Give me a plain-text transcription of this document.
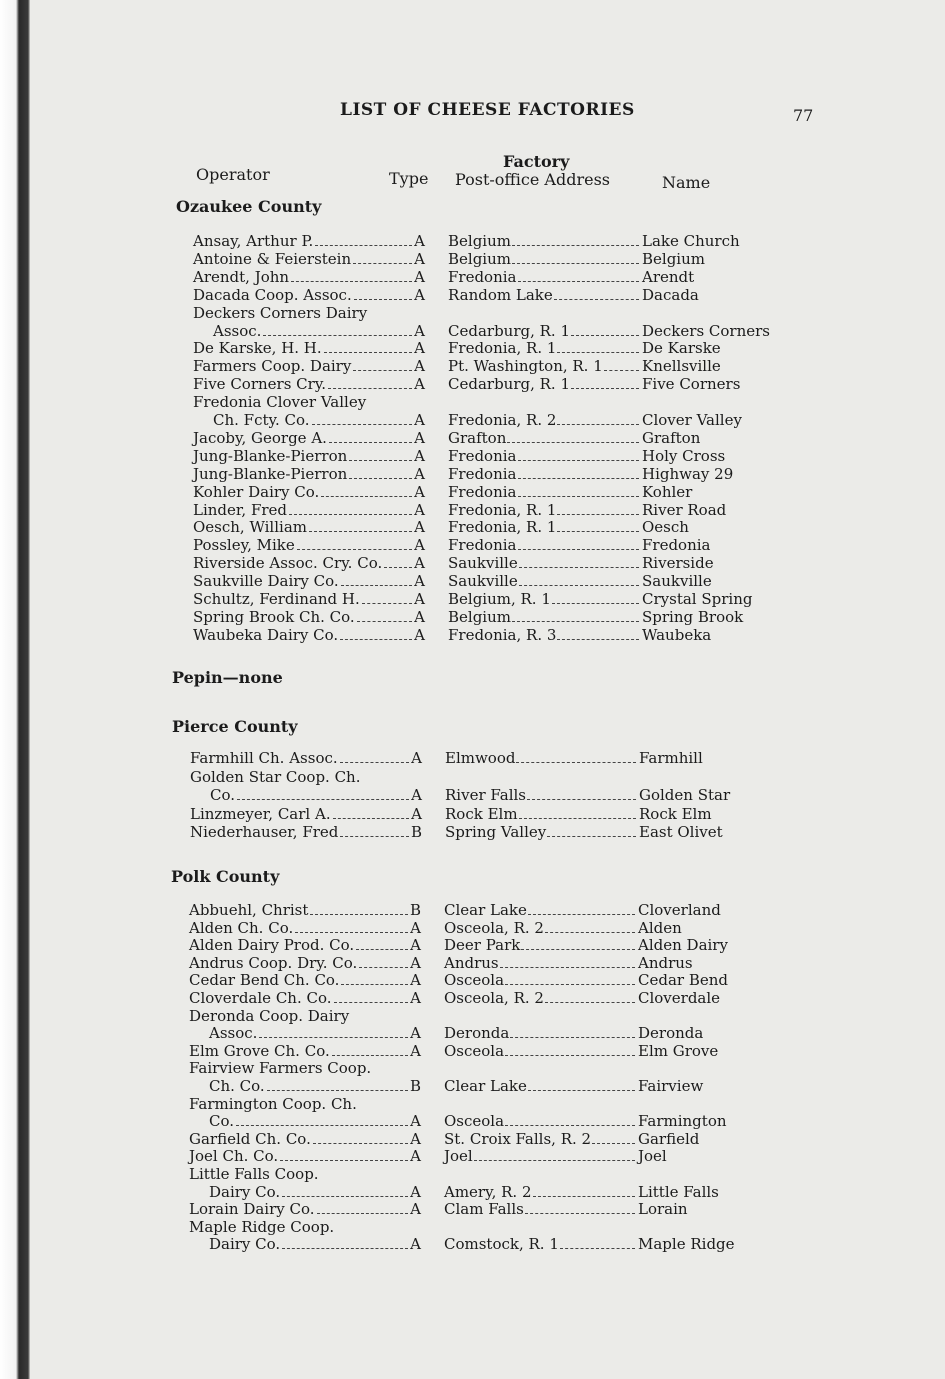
LIST OF CHEESE FACTORIES	77
Operator	Type
Factory
Post-office Address	Name
Ozaukee County
Ansay, Arthur P.	A Belgium	Lake Church
Antoine & Feierstein	A Belgium	Belgium
Arendt, John	A Fredonia	Arendt
Dacada Coop. Assoc.	A Random Lake	Dacada
Deckers Corners Dairy
Assoc.	A Cedarburg, R. 1	Deckers Corners
De Karske, H. H.	A Fredonia, R. 1	De Karske
Farmers Coop. Dairy	A Pt. Washington, R. 1	Knellsville
Five Corners Cry.	A Cedarburg, R. 1	Five Corners
Fredonia Clover Valley
Ch. Fcty. Co.	A Fredonia, R. 2	Clover Valley
Jacoby, George A.	A Grafton	Grafton
Jung-Blanke-Pierron	A Fredonia	Holy Cross
Jung-Blanke-Pierron	A Fredonia	Highway 29
Kohler Dairy Co.	A Fredonia	Kohler
Linder, Fred	A Fredonia, R. 1	River Road
Oesch, William	A Fredonia, R. 1	Oesch
Possley, Mike	A Fredonia	Fredonia
Riverside Assoc. Cry. Co. A Saukville	Riverside
Saukville Dairy Co.	A Saukville	Saukville
Schultz, Ferdinand H.	A Belgium, R. 1	Crystal Spring
Spring Brook Ch. Co.	A Belgium	Spring Brook
Waubeka Dairy Co.	A Fredonia, R. 3	Waubeka
Pepin—none
Pierce County
Farmhill Ch. Assoc.	A Elmwood	Farmhill
Golden Star Coop. Ch.
Co.	A River Falls	Golden Star
Linzmeyer, Carl A.	A Rock Elm	Rock Elm
Niederhauser, Fred	B Spring Valley	East Olivet
Polk County
Abbuehl, Christ	B Clear Lake	Cloverland
Alden Ch. Co.	A Osceola, R. 2	Alden
Alden Dairy Prod. Co.	A Deer Park	Alden Dairy
Andrus Coop. Dry. Co.	A Andrus	Andrus
Cedar Bend Ch. Co.	A Osceola	Cedar Bend
Cloverdale Ch. Co.	A Osceola, R. 2	Cloverdale
Deronda Coop. Dairy
Assoc.	A Deronda	Deronda
Elm Grove Ch. Co.	A Osceola	Elm Grove
Fairview Farmers Coop.
Ch. Co.	B Clear Lake	Fairview
Farmington Coop. Ch.
Co.	A Osceola	Farmington
Garfield Ch. Co.	A St. Croix Falls, R. 2	Garfield
Joel Ch. Co.	A Joel	Joel
Little Falls Coop.
Dairy Co.	A Amery, R. 2	Little Falls
Lorain Dairy Co.	A Clam Falls	Lorain
Maple Ridge Coop.
Dairy Co.	A Comstock, R. 1	Maple Ridge
